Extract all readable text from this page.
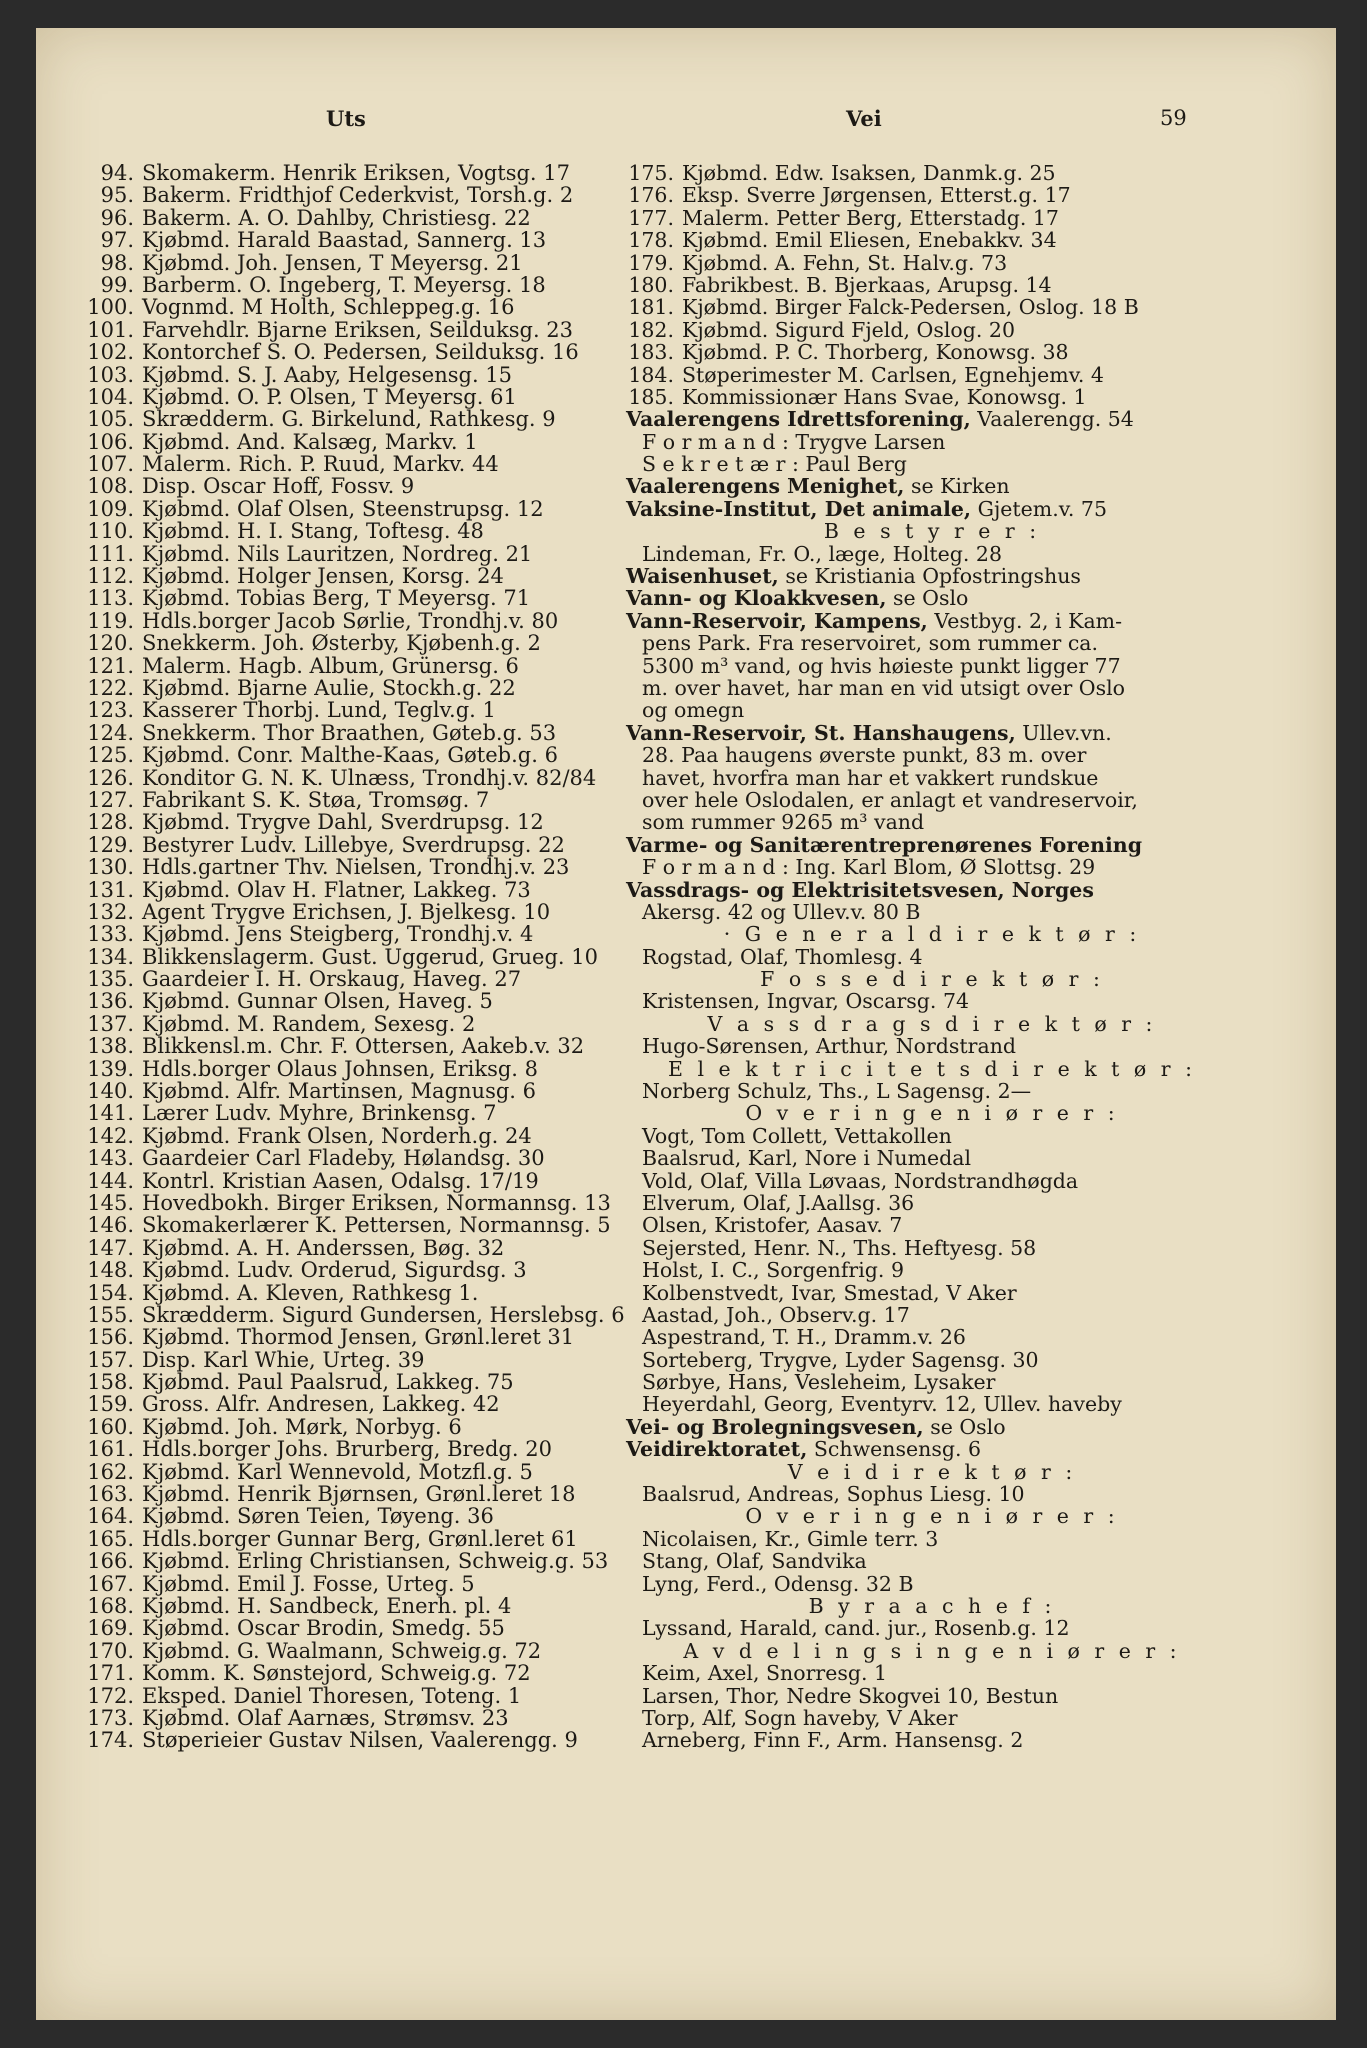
Uts	Vei	59
94. Skomakerm. Henrik Eriksen, Vogtsg. 17
95. Bakerm. Fridthjof Cederkvist, Torsh.g. 2
96. Bakerm. A. O. Dahlby, Christiesg. 22
97. Kjøbmd. Harald Baastad, Sannerg. 13
98. Kjøbmd. Joh. Jensen, T Meyersg. 21
99. Barberm. O. Ingeberg, T. Meyersg. 18
100. Vognmd. M Holth, Schleppeg.g. 16
101. Farvehdlr. Bjarne Eriksen, Seilduksg. 23
102. Kontorchef S. O. Pedersen, Seilduksg. 16
103. Kjøbmd. S. J. Aaby, Helgesensg. 15
104. Kjøbmd. O. P. Olsen, T Meyersg. 61
105. Skrædderm. G. Birkelund, Rathkesg. 9
106. Kjøbmd. And. Kalsæg, Markv. 1
107. Malerm. Rich. P. Ruud, Markv. 44
108. Disp. Oscar Hoff, Fossv. 9
109. Kjøbmd. Olaf Olsen, Steenstrupsg. 12
110. Kjøbmd. H. I. Stang, Toftesg. 48
111. Kjøbmd. Nils Lauritzen, Nordreg. 21
112. Kjøbmd. Holger Jensen, Korsg. 24
113. Kjøbmd. Tobias Berg, T Meyersg. 71
119. Hdls.borger Jacob Sørlie, Trondhj.v. 80
120. Snekkerm. Joh. Østerby, Kjøbenh.g. 2
121. Malerm. Hagb. Album, Grünersg. 6
122. Kjøbmd. Bjarne Aulie, Stockh.g. 22
123. Kasserer Thorbj. Lund, Teglv.g. 1
124. Snekkerm. Thor Braathen, Gøteb.g. 53
125. Kjøbmd. Conr. Malthe-Kaas, Gøteb.g. 6
126. Konditor G. N. K. Ulnæss, Trondhj.v. 82/84
127. Fabrikant S. K. Støa, Tromsøg. 7
128. Kjøbmd. Trygve Dahl, Sverdrupsg. 12
129. Bestyrer Ludv. Lillebye, Sverdrupsg. 22
130. Hdls.gartner Thv. Nielsen, Trondhj.v. 23
131. Kjøbmd. Olav H. Flatner, Lakkeg. 73
132. Agent Trygve Erichsen, J. Bjelkesg. 10
133. Kjøbmd. Jens Steigberg, Trondhj.v. 4
134. Blikkenslagerm. Gust. Uggerud, Grueg. 10
135. Gaardeier I. H. Orskaug, Haveg. 27
136. Kjøbmd. Gunnar Olsen, Haveg. 5
137. Kjøbmd. M. Randem, Sexesg. 2
138. Blikkensl.m. Chr. F. Ottersen, Aakeb.v. 32
139. Hdls.borger Olaus Johnsen, Eriksg. 8
140. Kjøbmd. Alfr. Martinsen, Magnusg. 6
141. Lærer Ludv. Myhre, Brinkensg. 7
142. Kjøbmd. Frank Olsen, Norderh.g. 24
143. Gaardeier Carl Fladeby, Hølandsg. 30
144. Kontrl. Kristian Aasen, Odalsg. 17/19
145. Hovedbokh. Birger Eriksen, Normannsg. 13
146. Skomakerlærer K. Pettersen, Normannsg. 5
147. Kjøbmd. A. H. Anderssen, Bøg. 32
148. Kjøbmd. Ludv. Orderud, Sigurdsg. 3
154. Kjøbmd. A. Kleven, Rathkesg 1.
155. Skrædderm. Sigurd Gundersen, Herslebsg. 6
156. Kjøbmd. Thormod Jensen, Grønl.leret 31
157. Disp. Karl Whie, Urteg. 39
158. Kjøbmd. Paul Paalsrud, Lakkeg. 75
159. Gross. Alfr. Andresen, Lakkeg. 42
160. Kjøbmd. Joh. Mørk, Norbyg. 6
161. Hdls.borger Johs. Brurberg, Bredg. 20
162. Kjøbmd. Karl Wennevold, Motzfl.g. 5
163. Kjøbmd. Henrik Bjørnsen, Grønl.leret 18
164. Kjøbmd. Søren Teien, Tøyeng. 36
165. Hdls.borger Gunnar Berg, Grønl.leret 61
166. Kjøbmd. Erling Christiansen, Schweig.g. 53
167. Kjøbmd. Emil J. Fosse, Urteg. 5
168. Kjøbmd. H. Sandbeck, Enerh. pl. 4
169. Kjøbmd. Oscar Brodin, Smedg. 55
170. Kjøbmd. G. Waalmann, Schweig.g. 72
171. Komm. K. Sønstejord, Schweig.g. 72
172. Eksped. Daniel Thoresen, Toteng. 1
173. Kjøbmd. Olaf Aarnæs, Strømsv. 23
174. Støperieier Gustav Nilsen, Vaalerengg. 9
175. Kjøbmd. Edw. Isaksen, Danmk.g. 25
176. Eksp. Sverre Jørgensen, Etterst.g. 17
177. Malerm. Petter Berg, Etterstadg. 17
178. Kjøbmd. Emil Eliesen, Enebakkv. 34
179. Kjøbmd. A. Fehn, St. Halv.g. 73
180. Fabrikbest. B. Bjerkaas, Arupsg. 14
181. Kjøbmd. Birger Falck-Pedersen, Oslog. 18 B
182. Kjøbmd. Sigurd Fjeld, Oslog. 20
183. Kjøbmd. P. C. Thorberg, Konowsg. 38
184. Støperimester M. Carlsen, Egnehjemv. 4
185. Kommissionær Hans Svae, Konowsg. 1
Vaalerengens Idrettsforening, Vaalerengg. 54
F o r m a n d : Trygve Larsen
S e k r e t æ r : Paul Berg
Vaalerengens Menighet, se Kirken
Vaksine-Institut, Det animale, Gjetem.v. 75
B e s t y r e r :
Lindeman, Fr. O., læge, Holteg. 28
Waisenhuset, se Kristiania Opfostringshus
Vann- og Kloakkvesen, se Oslo
Vann-Reservoir, Kampens, Vestbyg. 2, i Kam-
pens Park. Fra reservoiret, som rummer ca.
5300 m³ vand, og hvis høieste punkt ligger 77
m. over havet, har man en vid utsigt over Oslo
og omegn
Vann-Reservoir, St. Hanshaugens, Ullev.vn.
28. Paa haugens øverste punkt, 83 m. over
havet, hvorfra man har et vakkert rundskue
over hele Oslodalen, er anlagt et vandreservoir,
som rummer 9265 m³ vand
Varme- og Sanitærentreprenørenes Forening
F o r m a n d : Ing. Karl Blom, Ø Slottsg. 29
Vassdrags- og Elektrisitetsvesen, Norges
Akersg. 42 og Ullev.v. 80 B
· G e n e r a l d i r e k t ø r :
Rogstad, Olaf, Thomlesg. 4
F o s s e d i r e k t ø r :
Kristensen, Ingvar, Oscarsg. 74
V a s s d r a g s d i r e k t ø r :
Hugo-Sørensen, Arthur, Nordstrand
E l e k t r i c i t e t s d i r e k t ø r :
Norberg Schulz, Ths., L Sagensg. 2—
O v e r i n g e n i ø r e r :
Vogt, Tom Collett, Vettakollen
Baalsrud, Karl, Nore i Numedal
Vold, Olaf, Villa Løvaas, Nordstrandhøgda
Elverum, Olaf, J.Aallsg. 36
Olsen, Kristofer, Aasav. 7
Sejersted, Henr. N., Ths. Heftyesg. 58
Holst, I. C., Sorgenfrig. 9
Kolbenstvedt, Ivar, Smestad, V Aker
Aastad, Joh., Observ.g. 17
Aspestrand, T. H., Dramm.v. 26
Sorteberg, Trygve, Lyder Sagensg. 30
Sørbye, Hans, Vesleheim, Lysaker
Heyerdahl, Georg, Eventyrv. 12, Ullev. haveby
Vei- og Brolegningsvesen, se Oslo
Veidirektoratet, Schwensensg. 6
V e i d i r e k t ø r :
Baalsrud, Andreas, Sophus Liesg. 10
O v e r i n g e n i ø r e r :
Nicolaisen, Kr., Gimle terr. 3
Stang, Olaf, Sandvika
Lyng, Ferd., Odensg. 32 B
B y r a a c h e f :
Lyssand, Harald, cand. jur., Rosenb.g. 12
A v d e l i n g s i n g e n i ø r e r :
Keim, Axel, Snorresg. 1
Larsen, Thor, Nedre Skogvei 10, Bestun
Torp, Alf, Sogn haveby, V Aker
Arneberg, Finn F., Arm. Hansensg. 2
